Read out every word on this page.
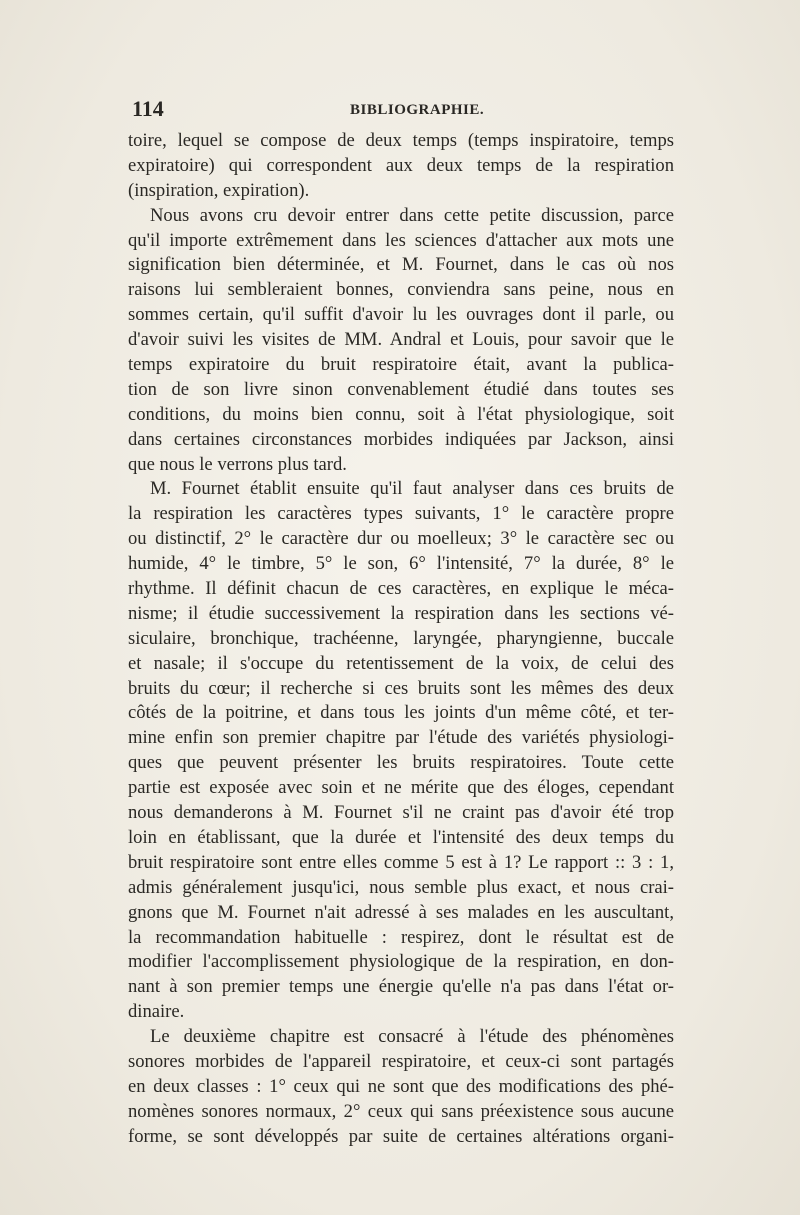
114	BIBLIOGRAPHIE.
toire, lequel se compose de deux temps (temps inspiratoire, temps
expiratoire) qui correspondent aux deux temps de la respiration
(inspiration, expiration).
Nous avons cru devoir entrer dans cette petite discussion, parce
qu'il importe extrêmement dans les sciences d'attacher aux mots une
signification bien déterminée, et M. Fournet, dans le cas où nos
raisons lui sembleraient bonnes, conviendra sans peine, nous en
sommes certain, qu'il suffit d'avoir lu les ouvrages dont il parle, ou
d'avoir suivi les visites de MM. Andral et Louis, pour savoir que le
temps expiratoire du bruit respiratoire était, avant la publica-
tion de son livre sinon convenablement étudié dans toutes ses
conditions, du moins bien connu, soit à l'état physiologique, soit
dans certaines circonstances morbides indiquées par Jackson, ainsi
que nous le verrons plus tard.
M. Fournet établit ensuite qu'il faut analyser dans ces bruits de
la respiration les caractères types suivants, 1° le caractère propre
ou distinctif, 2° le caractère dur ou moelleux; 3° le caractère sec ou
humide, 4° le timbre, 5° le son, 6° l'intensité, 7° la durée, 8° le
rhythme. Il définit chacun de ces caractères, en explique le méca-
nisme; il étudie successivement la respiration dans les sections vé-
siculaire, bronchique, trachéenne, laryngée, pharyngienne, buccale
et nasale; il s'occupe du retentissement de la voix, de celui des
bruits du cœur; il recherche si ces bruits sont les mêmes des deux
côtés de la poitrine, et dans tous les joints d'un même côté, et ter-
mine enfin son premier chapitre par l'étude des variétés physiologi-
ques que peuvent présenter les bruits respiratoires. Toute cette
partie est exposée avec soin et ne mérite que des éloges, cependant
nous demanderons à M. Fournet s'il ne craint pas d'avoir été trop
loin en établissant, que la durée et l'intensité des deux temps du
bruit respiratoire sont entre elles comme 5 est à 1? Le rapport :: 3 : 1,
admis généralement jusqu'ici, nous semble plus exact, et nous crai-
gnons que M. Fournet n'ait adressé à ses malades en les auscultant,
la recommandation habituelle : respirez, dont le résultat est de
modifier l'accomplissement physiologique de la respiration, en don-
nant à son premier temps une énergie qu'elle n'a pas dans l'état or-
dinaire.
Le deuxième chapitre est consacré à l'étude des phénomènes
sonores morbides de l'appareil respiratoire, et ceux-ci sont partagés
en deux classes : 1° ceux qui ne sont que des modifications des phé-
nomènes sonores normaux, 2° ceux qui sans préexistence sous aucune
forme, se sont développés par suite de certaines altérations organi-
